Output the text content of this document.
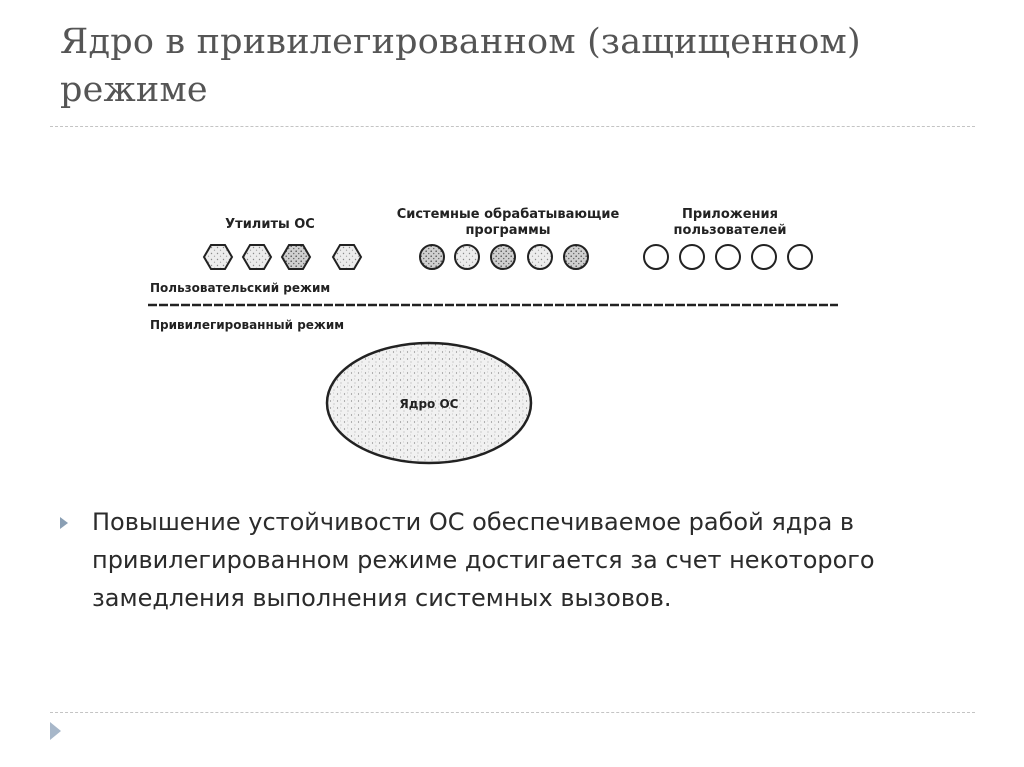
Ядро в привилегированном (защищенном) режиме
Утилиты ОС
Системные обрабатывающие
программы
Приложения
пользователей
Пользовательский режим
Привилегированный режим
Ядро ОС

Повышение устойчивости ОС обеспечиваемое рабой ядра в привилегированном режиме достигается за счет некоторого замедления выполнения системных вызовов.
